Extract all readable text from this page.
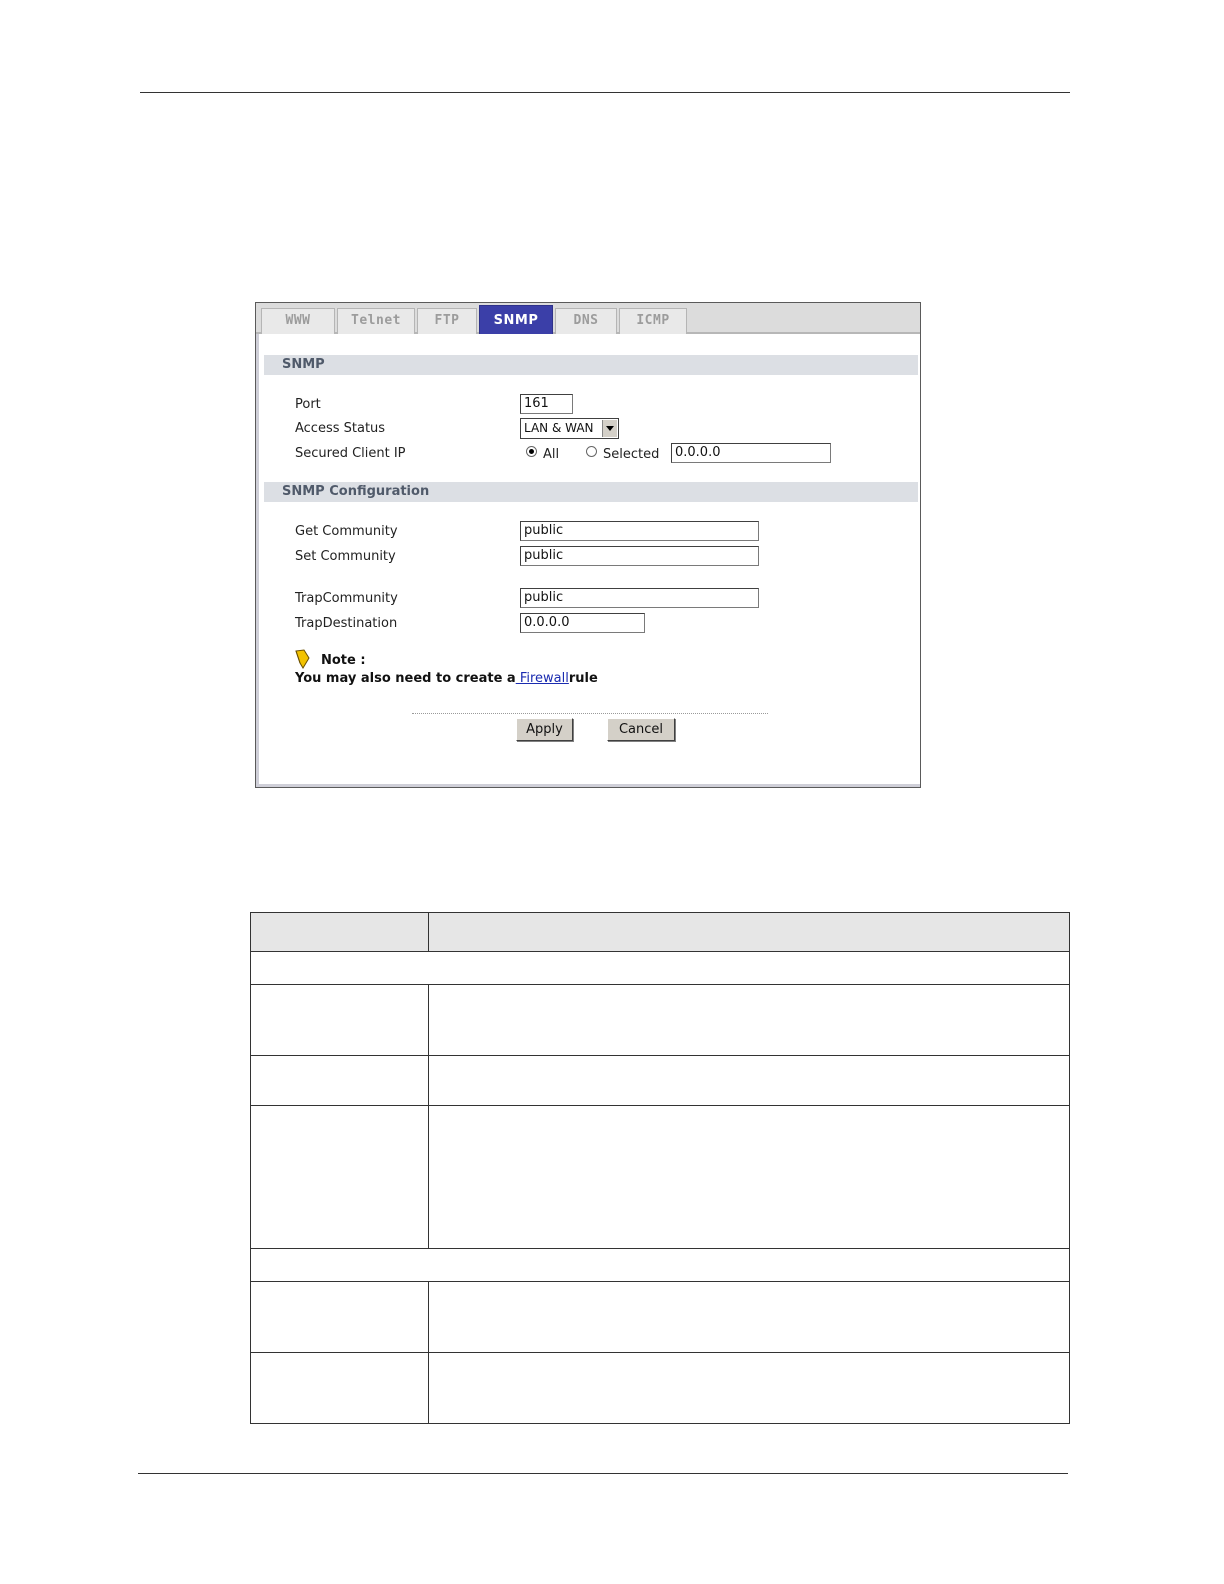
WWW	Telnet	FTP	SNMP	DNS	ICMP
SNMP
Port	161
Access Status	LAN & WAN
Secured Client IP	All	Selected	0.0.0.0
SNMP Configuration
Get Community	public
Set Community	public
TrapCommunity	public
TrapDestination	0.0.0.0
Note :
You may also need to create a Firewallrule
Apply	Cancel
